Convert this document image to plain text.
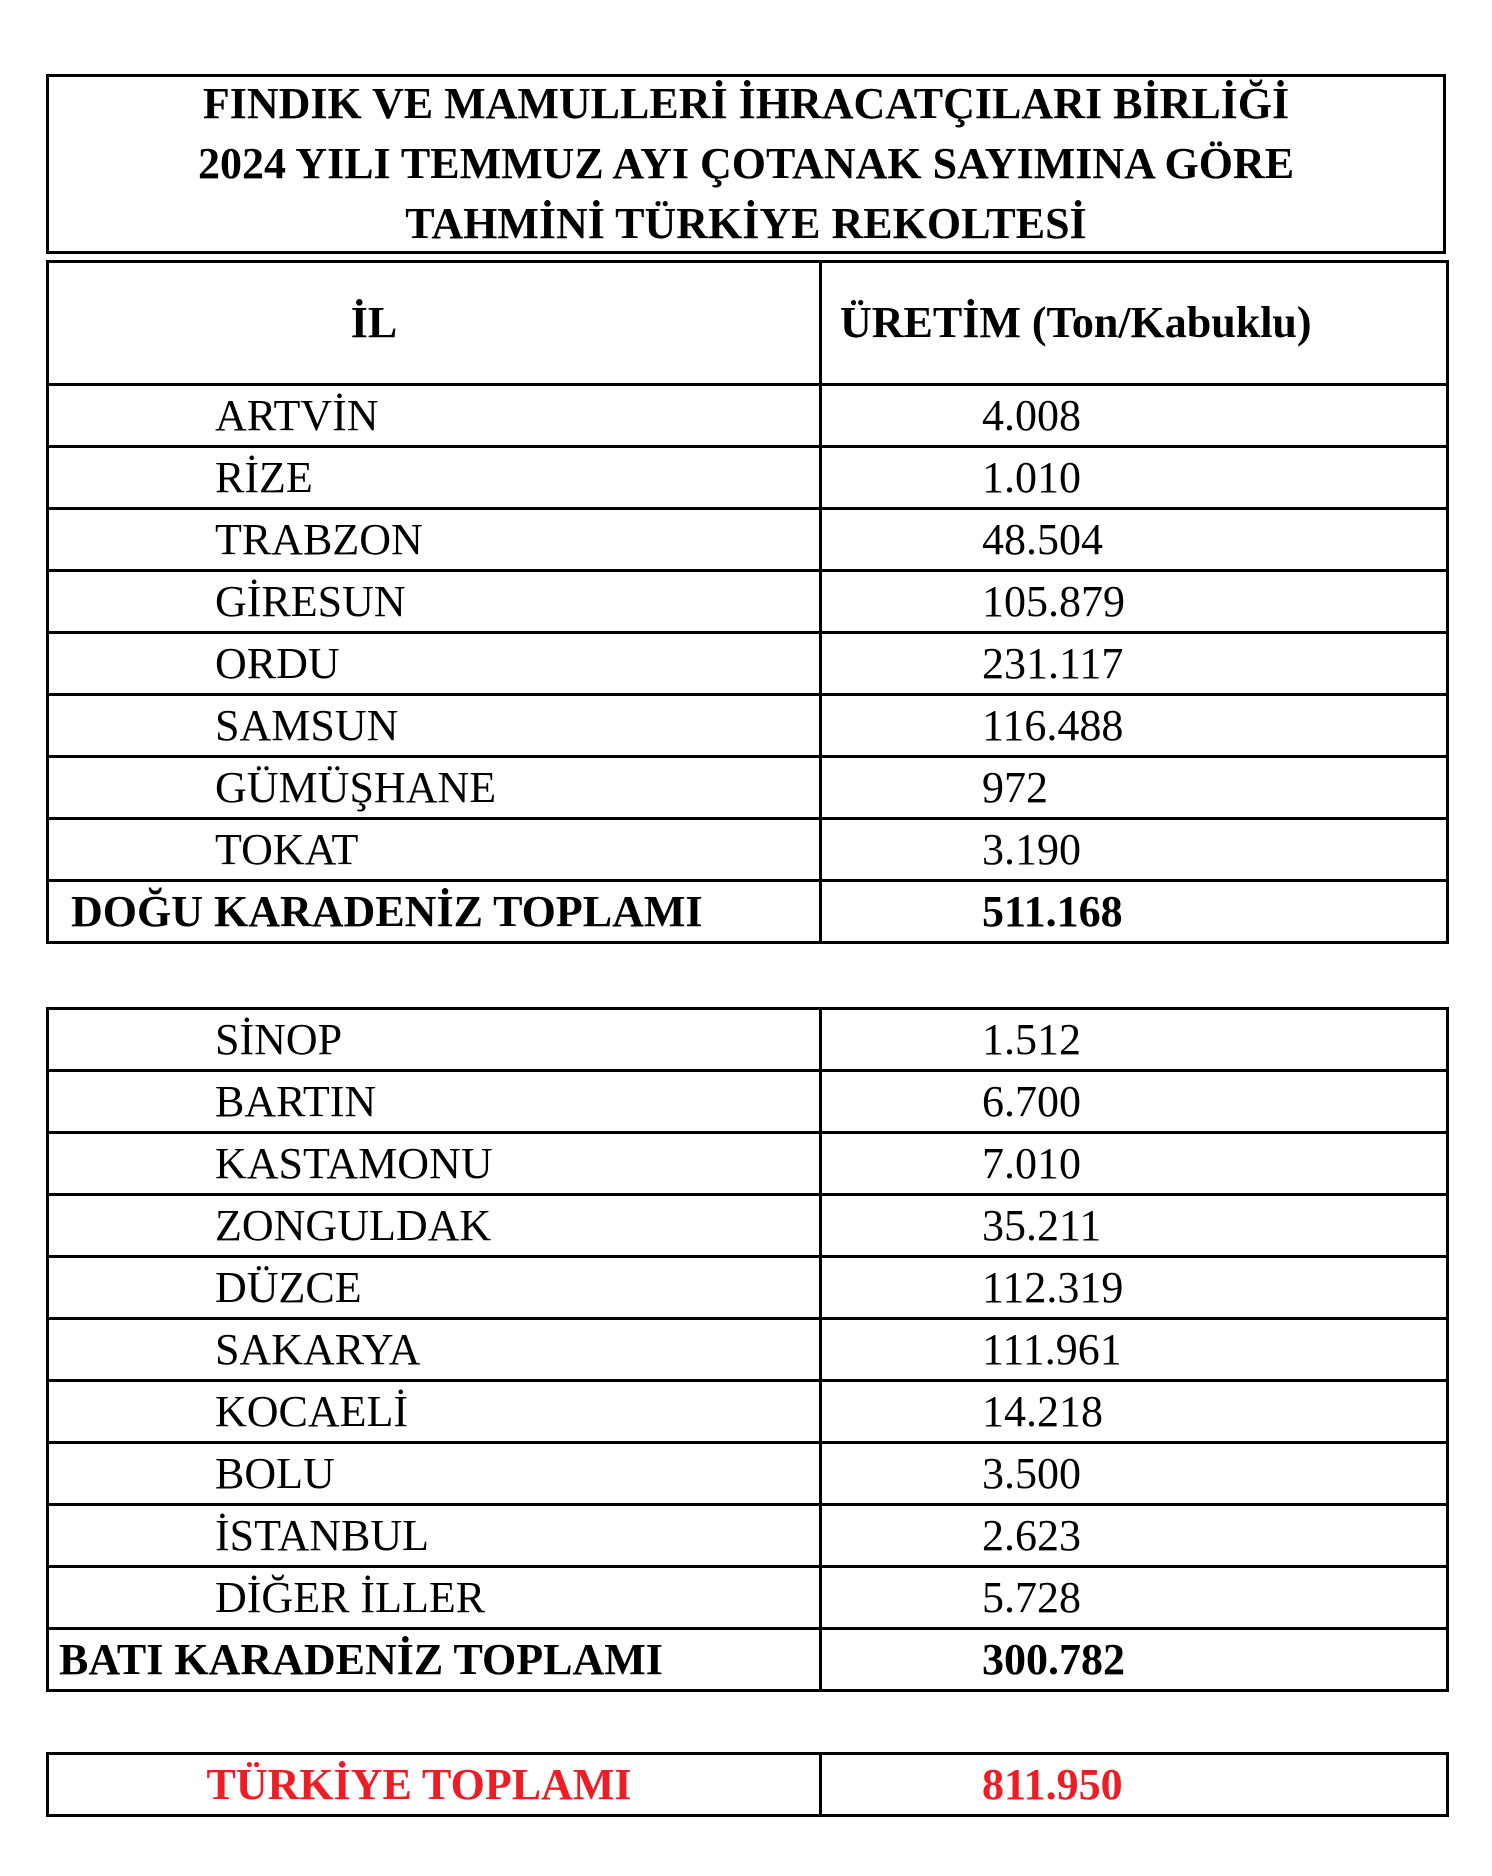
FINDIK VE MAMULLERİ İHRACATÇILARI BİRLİĞİ
2024 YILI TEMMUZ AYI ÇOTANAK SAYIMINA GÖRE
TAHMİNİ TÜRKİYE REKOLTESİ
İL	ÜRETİM (Ton/Kabuklu)
ARTVİN	4.008
RİZE	1.010
TRABZON	48.504
GİRESUN	105.879
ORDU	231.117
SAMSUN	116.488
GÜMÜŞHANE	972
TOKAT	3.190
DOĞU KARADENİZ TOPLAMI	511.168
SİNOP	1.512
BARTIN	6.700
KASTAMONU	7.010
ZONGULDAK	35.211
DÜZCE	112.319
SAKARYA	111.961
KOCAELİ	14.218
BOLU	3.500
İSTANBUL	2.623
DİĞER İLLER	5.728
BATI KARADENİZ TOPLAMI	300.782
TÜRKİYE TOPLAMI	811.950
